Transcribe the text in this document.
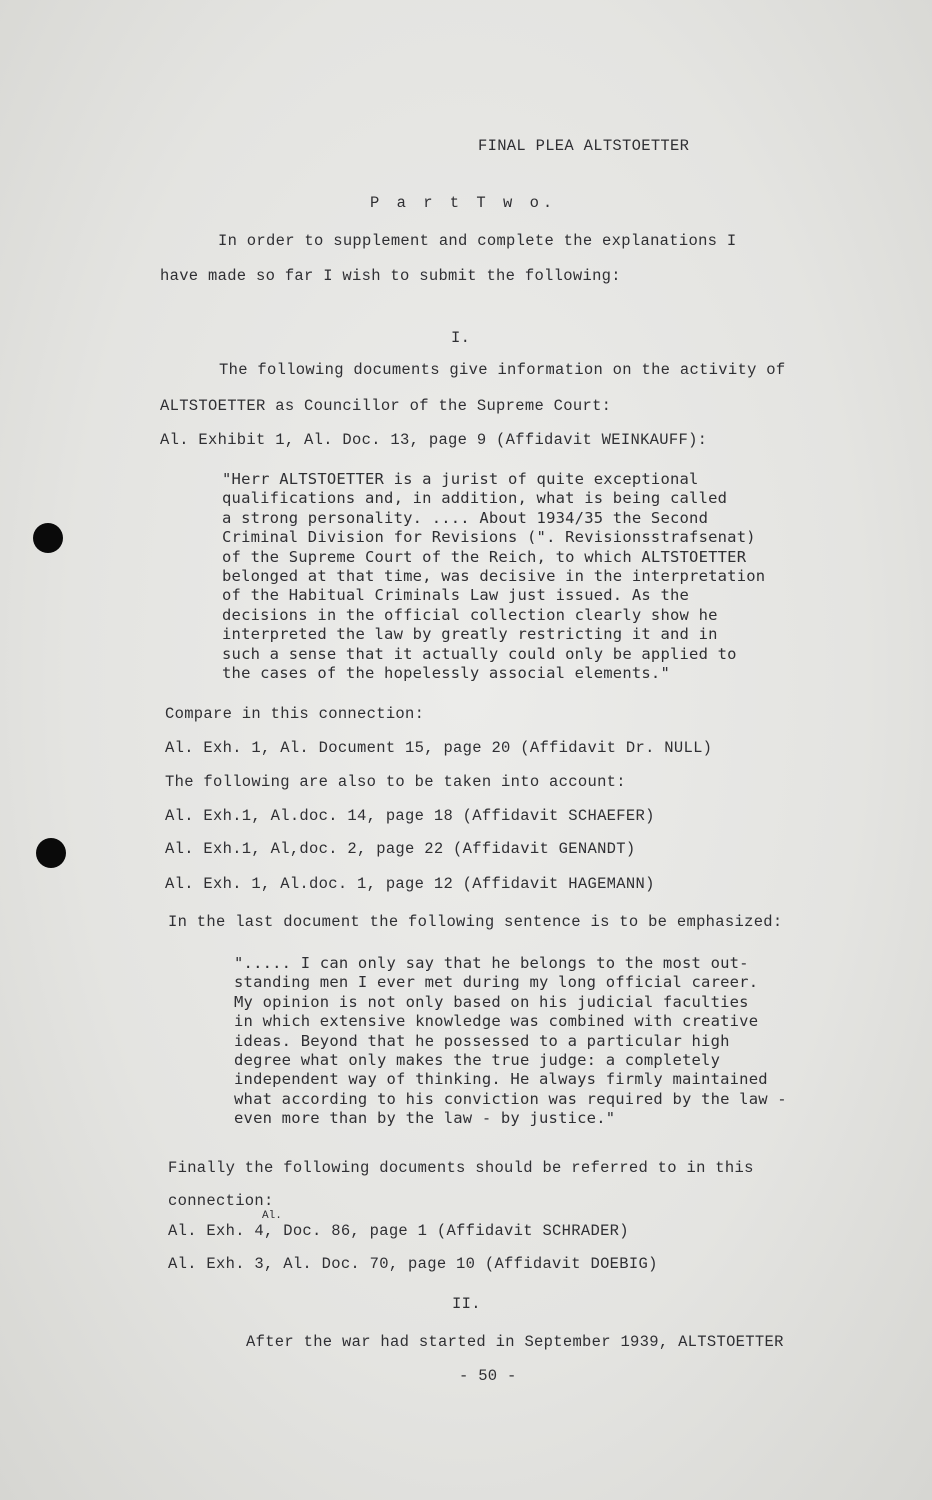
FINAL PLEA ALTSTOETTER
P a r t T w o.
In order to supplement and complete the explanations I
have made so far I wish to submit the following:
I.
The following documents give information on the activity of
ALTSTOETTER as Councillor of the Supreme Court:
Al. Exhibit 1, Al. Doc. 13, page 9 (Affidavit WEINKAUFF):
"Herr ALTSTOETTER is a jurist of quite exceptional
qualifications and, in addition, what is being called
a strong personality. .... About 1934/35 the Second
Criminal Division for Revisions (". Revisionsstrafsenat)
of the Supreme Court of the Reich, to which ALTSTOETTER
belonged at that time, was decisive in the interpretation
of the Habitual Criminals Law just issued. As the
decisions in the official collection clearly show he
interpreted the law by greatly restricting it and in
such a sense that it actually could only be applied to
the cases of the hopelessly associal elements."
Compare in this connection:
Al. Exh. 1, Al. Document 15, page 20 (Affidavit Dr. NULL)
The following are also to be taken into account:
Al. Exh.1, Al.doc. 14, page 18 (Affidavit SCHAEFER)
Al. Exh.1, Al,doc. 2, page 22 (Affidavit GENANDT)
Al. Exh. 1, Al.doc. 1, page 12 (Affidavit HAGEMANN)
In the last document the following sentence is to be emphasized:
"..... I can only say that he belongs to the most out-
standing men I ever met during my long official career.
My opinion is not only based on his judicial faculties
in which extensive knowledge was combined with creative
ideas. Beyond that he possessed to a particular high
degree what only makes the true judge: a completely
independent way of thinking. He always firmly maintained
what according to his conviction was required by the law -
even more than by the law - by justice."
Finally the following documents should be referred to in this
connection:
Al.
Al. Exh. 4, Doc. 86, page 1 (Affidavit SCHRADER)
Al. Exh. 3, Al. Doc. 70, page 10 (Affidavit DOEBIG)
II.
After the war had started in September 1939, ALTSTOETTER
- 50 -
